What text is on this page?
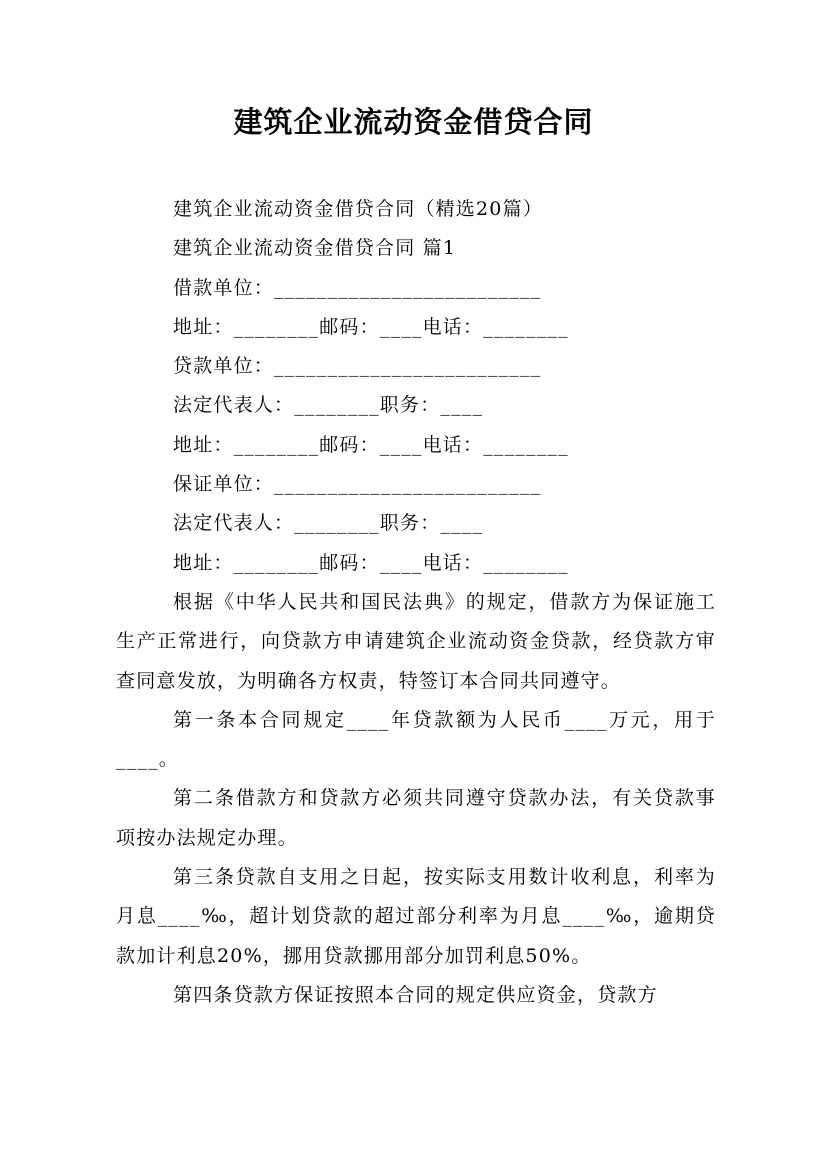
建筑企业流动资金借贷合同

建筑企业流动资金借贷合同（精选20篇）

建筑企业流动资金借贷合同 篇1

借款单位：_________________________

地址：________邮码：____电话：________

贷款单位：_________________________

法定代表人：________职务：____

地址：________邮码：____电话：________

保证单位：_________________________

法定代表人：________职务：____

地址：________邮码：____电话：________

根据《中华人民共和国民法典》的规定，借款方为保证施工生产正常进行，向贷款方申请建筑企业流动资金贷款，经贷款方审查同意发放，为明确各方权责，特签订本合同共同遵守。

第一条本合同规定____年贷款额为人民币____万元，用于____。

第二条借款方和贷款方必须共同遵守贷款办法，有关贷款事项按办法规定办理。

第三条贷款自支用之日起，按实际支用数计收利息，利率为月息____‰，超计划贷款的超过部分利率为月息____‰，逾期贷款加计利息20%，挪用贷款挪用部分加罚利息50%。

第四条贷款方保证按照本合同的规定供应资金，贷款方
